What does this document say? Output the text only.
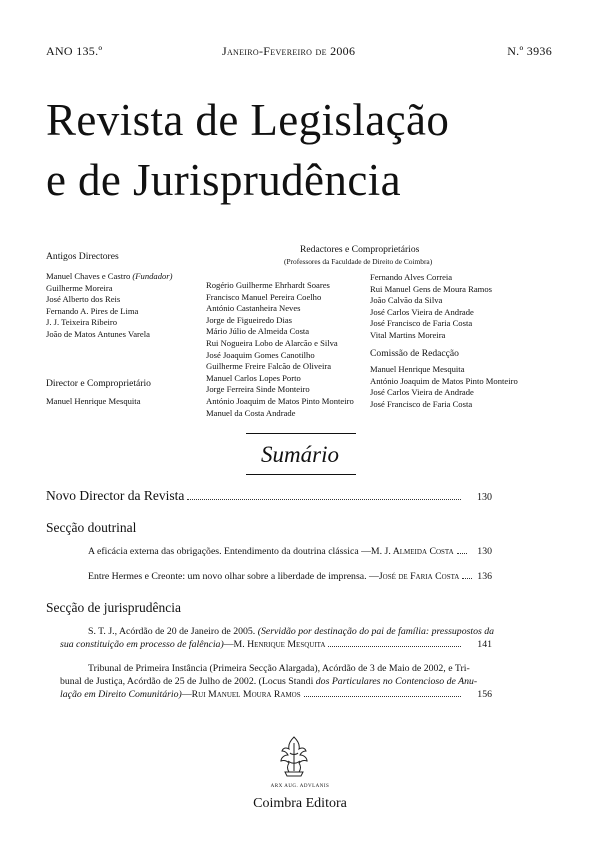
ANO 135.º	Janeiro-Fevereiro de 2006	N.º 3936
Revista de Legislação
e de Jurisprudência
Antigos Directores
Manuel Chaves e Castro (Fundador)
Guilherme Moreira
José Alberto dos Reis
Fernando A. Pires de Lima
J. J. Teixeira Ribeiro
João de Matos Antunes Varela
Director e Comproprietário
Manuel Henrique Mesquita
Redactores e Comproprietários
(Professores da Faculdade de Direito de Coimbra)
Rogério Guilherme Ehrhardt Soares
Francisco Manuel Pereira Coelho
António Castanheira Neves
Jorge de Figueiredo Dias
Mário Júlio de Almeida Costa
Rui Nogueira Lobo de Alarcão e Silva
José Joaquim Gomes Canotilho
Guilherme Freire Falcão de Oliveira
Manuel Carlos Lopes Porto
Jorge Ferreira Sinde Monteiro
António Joaquim de Matos Pinto Monteiro
Manuel da Costa Andrade
Fernando Alves Correia
Rui Manuel Gens de Moura Ramos
João Calvão da Silva
José Carlos Vieira de Andrade
José Francisco de Faria Costa
Vital Martins Moreira
Comissão de Redacção
Manuel Henrique Mesquita
António Joaquim de Matos Pinto Monteiro
José Carlos Vieira de Andrade
José Francisco de Faria Costa
Sumário
Novo Director da Revista	130
Secção doutrinal
A eficácia externa das obrigações. Entendimento da doutrina clássica — M. J. Almeida Costa	130
Entre Hermes e Creonte: um novo olhar sobre a liberdade de imprensa. — José de Faria Costa 136
Secção de jurisprudência
S. T. J., Acórdão de 20 de Janeiro de 2005. (Servidão por destinação do pai de família: pressupostos da
sua constituição em processo de falência) — M. Henrique Mesquita	141
Tribunal de Primeira Instância (Primeira Secção Alargada), Acórdão de 3 de Maio de 2002, e Tri-
bunal de Justiça, Acórdão de 25 de Julho de 2002. (Locus Standi dos Particulares no Contencioso de Anu-
lação em Direito Comunitário) — Rui Manuel Moura Ramos	156
ARX AUG. ADVLANIS
Coimbra Editora
